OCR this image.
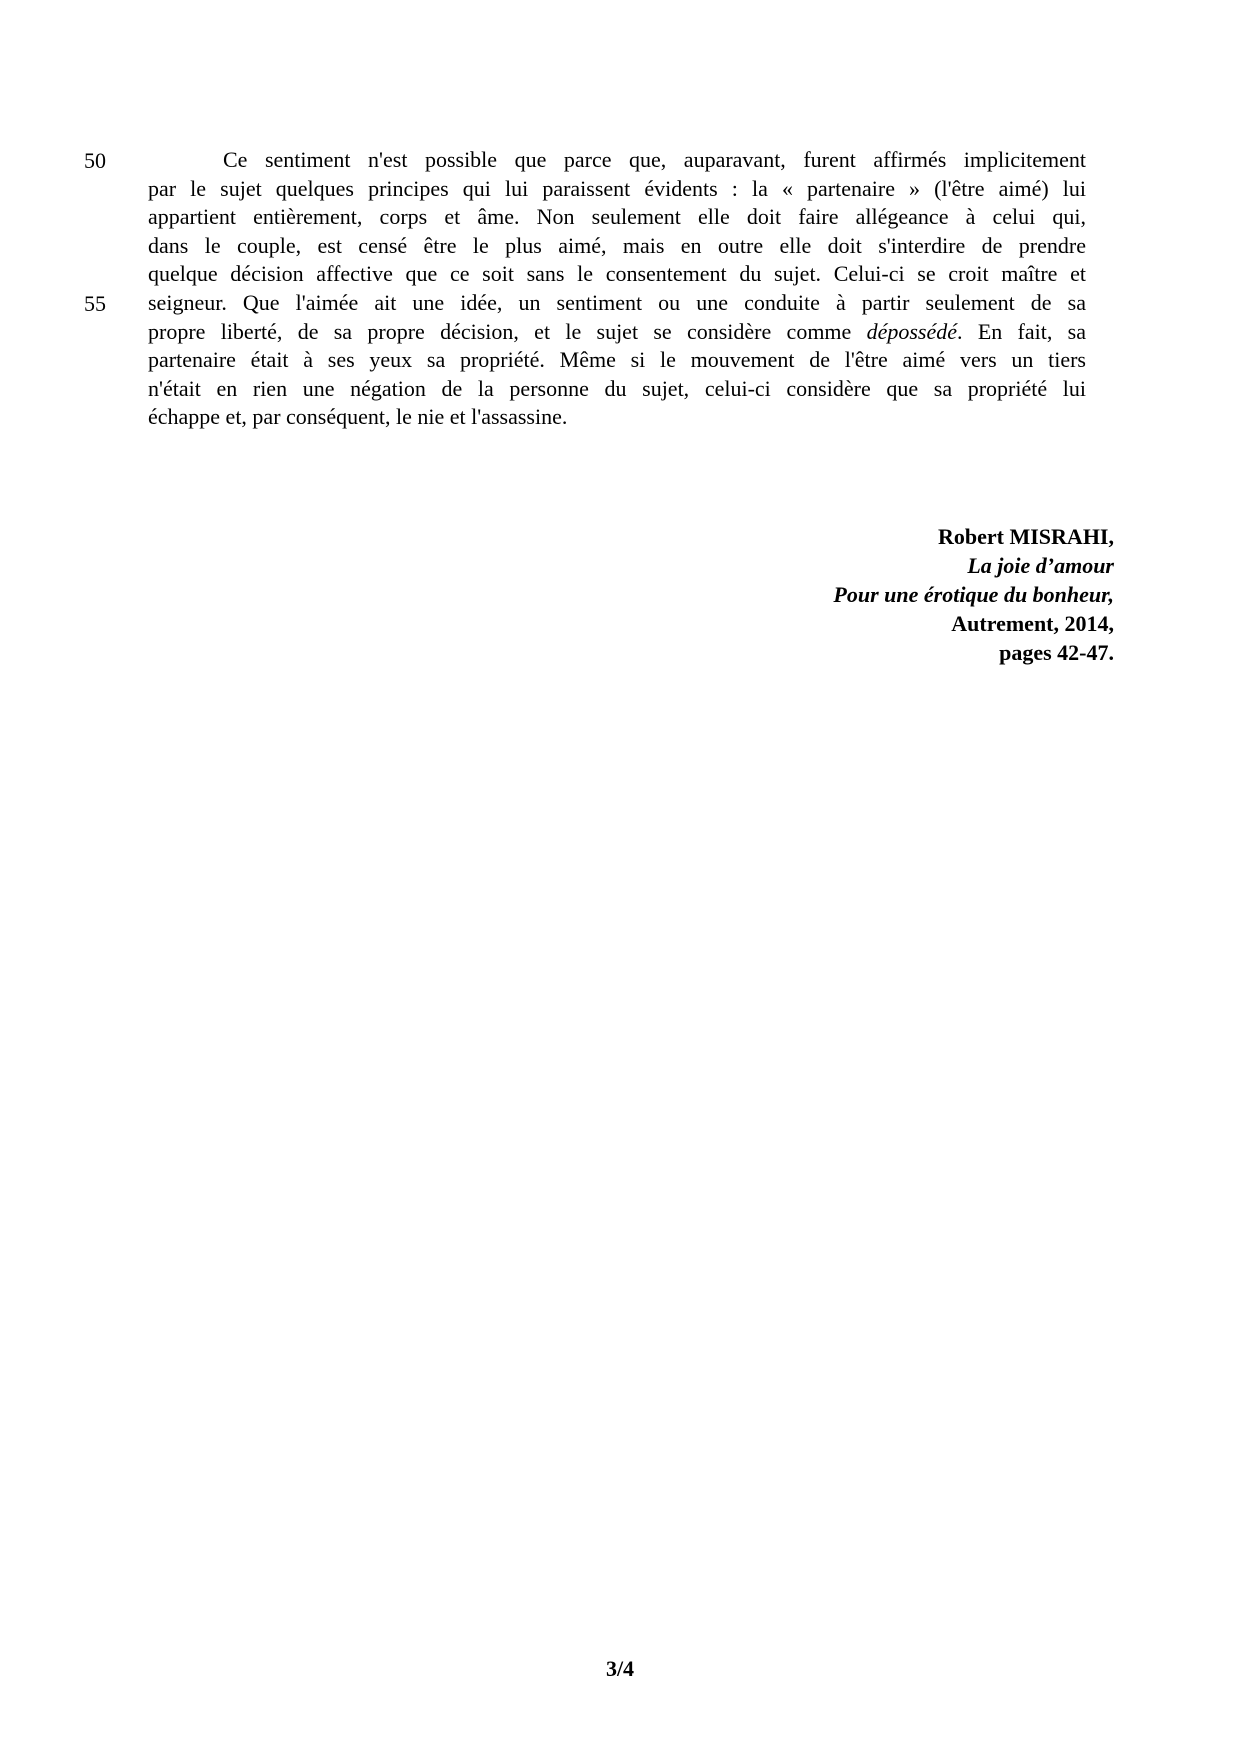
50
55
Ce sentiment n'est possible que parce que, auparavant, furent affirmés implicitement
par le sujet quelques principes qui lui paraissent évidents : la « partenaire » (l'être aimé) lui
appartient entièrement, corps et âme. Non seulement elle doit faire allégeance à celui qui,
dans le couple, est censé être le plus aimé, mais en outre elle doit s'interdire de prendre
quelque décision affective que ce soit sans le consentement du sujet. Celui-ci se croit maître et
seigneur. Que l'aimée ait une idée, un sentiment ou une conduite à partir seulement de sa
propre liberté, de sa propre décision, et le sujet se considère comme dépossédé. En fait, sa
partenaire était à ses yeux sa propriété. Même si le mouvement de l'être aimé vers un tiers
n'était en rien une négation de la personne du sujet, celui-ci considère que sa propriété lui
échappe et, par conséquent, le nie et l'assassine.
Robert MISRAHI,
La joie d’amour
Pour une érotique du bonheur,
Autrement, 2014,
pages 42-47.
3/4
